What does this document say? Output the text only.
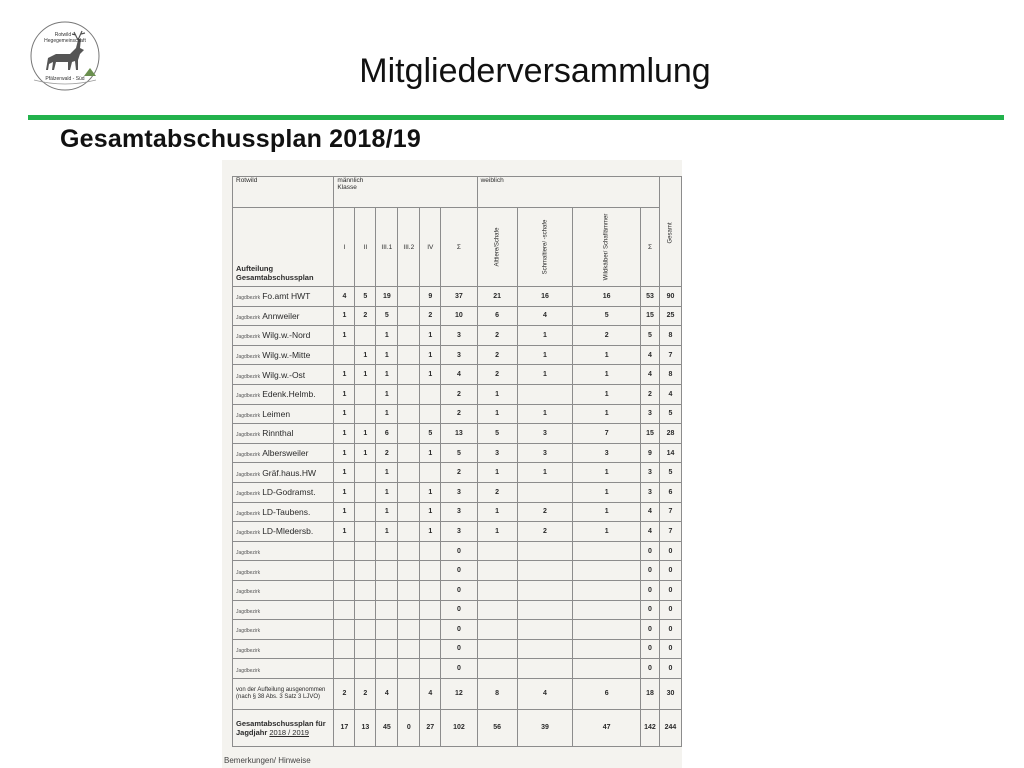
Rotwild –
Hegegemeinschaft
Pfälzerwald - Süd	Mitgliederversammlung
Gesamtabschussplan 2018/19
Rotwild	männlich
Klasse						weiblich				Gesamt

Aufteilung
Gesamtabschussplan	I	II	III.1	III.2	IV	Σ	Alttiere/Schafe	Schmaltiere/ -schafe	Wildkälber/ Schaflämmer	Σ	
Jagdbezirk Fo.amt HWT	4	5	19		9	37	21	16	16	53	90
Jagdbezirk Annweiler	1	2	5		2	10	6	4	5	15	25
Jagdbezirk Wilg.w.-Nord	1		1		1	3	2	1	2	5	8
Jagdbezirk Wilg.w.-Mitte		1	1		1	3	2	1	1	4	7
Jagdbezirk Wilg.w.-Ost	1	1	1		1	4	2	1	1	4	8
Jagdbezirk Edenk.Helmb.	1		1			2	1		1	2	4
Jagdbezirk Leimen	1		1			2	1	1	1	3	5
Jagdbezirk Rinnthal	1	1	6		5	13	5	3	7	15	28
Jagdbezirk Albersweiler	1	1	2		1	5	3	3	3	9	14
Jagdbezirk Gräf.haus.HW	1		1			2	1	1	1	3	5
Jagdbezirk LD-Godramst.	1		1		1	3	2		1	3	6
Jagdbezirk LD-Taubens.	1		1		1	3	1	2	1	4	7
Jagdbezirk LD-Mledersb.	1		1		1	3	1	2	1	4	7
Jagdbezirk						0				0	0
Jagdbezirk						0				0	0
Jagdbezirk						0				0	0
Jagdbezirk						0				0	0
Jagdbezirk						0				0	0
Jagdbezirk						0				0	0
Jagdbezirk						0				0	0
von der Aufteilung ausgenommen (nach § 38 Abs. 3 Satz 3 LJVO)	2	2	4		4	12	8	4	6	18	30
Gesamtabschussplan für Jagdjahr 2018 / 2019	17	13	45	0	27	102	56	39	47	142	244
Bemerkungen/ Hinweise
